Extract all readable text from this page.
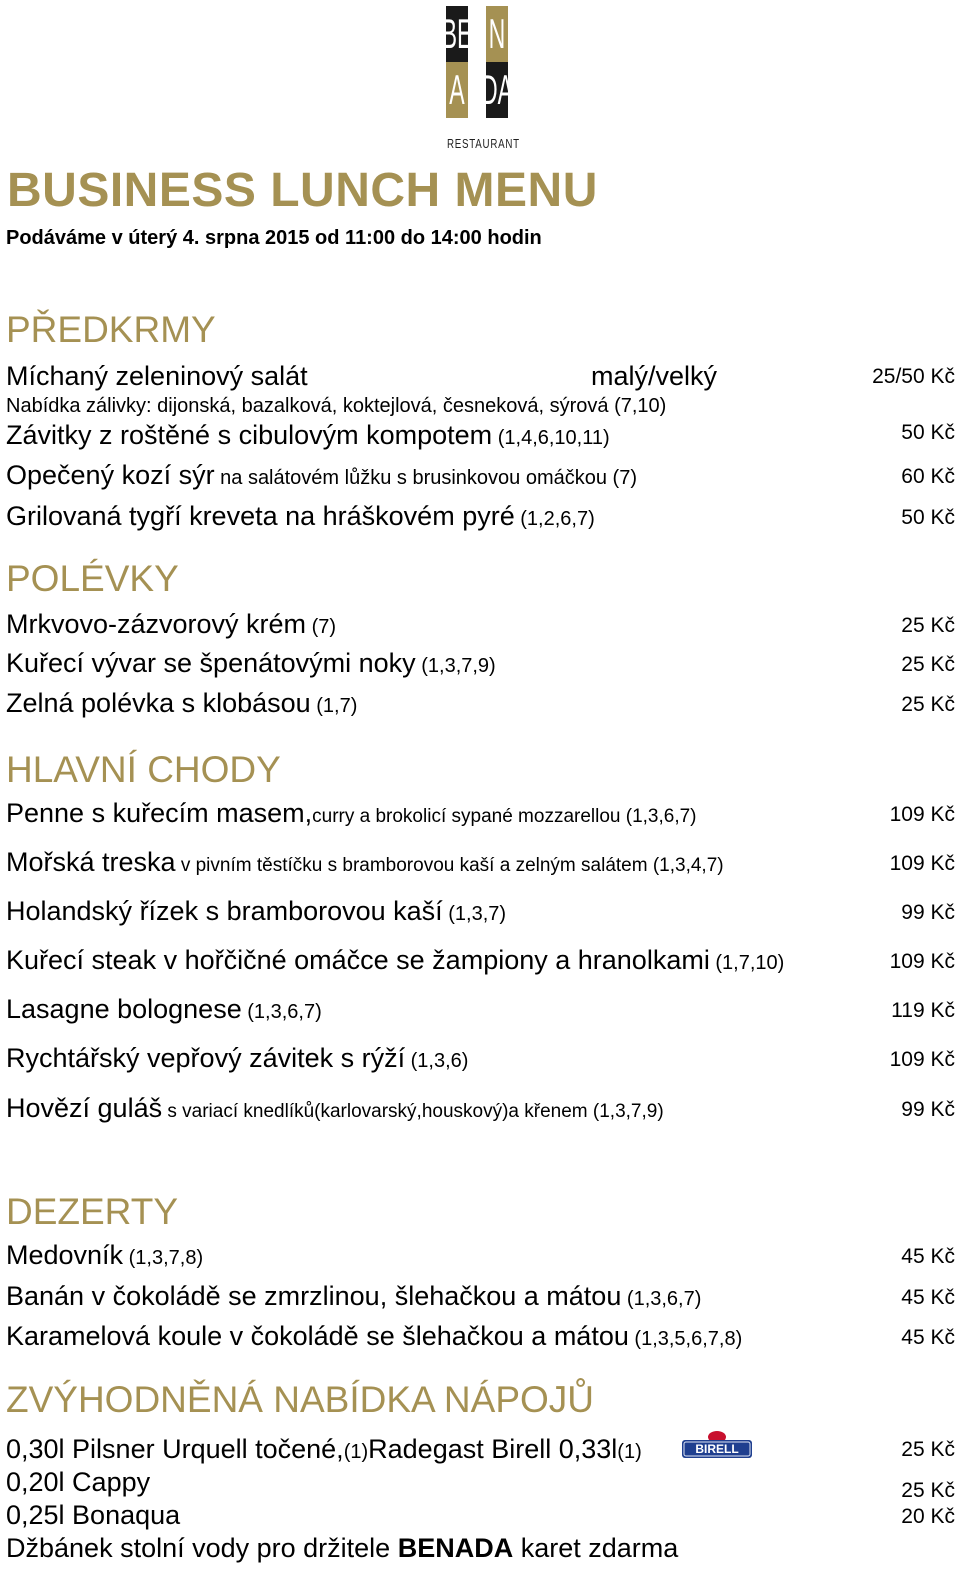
BE N
A DA
RESTAURANT
BUSINESS LUNCH MENU
Podáváme v úterý 4. srpna 2015 od 11:00 do 14:00 hodin
PŘEDKRMY
Míchaný zeleninový salát	malý/velký	25/50 Kč
Nabídka zálivky: dijonská, bazalková, koktejlová, česneková, sýrová (7,10)
Závitky z roštěné s cibulovým kompotem (1,4,6,10,11)	50 Kč
Opečený kozí sýr na salátovém lůžku s brusinkovou omáčkou (7)	60 Kč
Grilovaná tygří kreveta na hráškovém pyré (1,2,6,7)	50 Kč
POLÉVKY
Mrkvovo-zázvorový krém (7)	25 Kč
Kuřecí vývar se špenátovými noky (1,3,7,9)	25 Kč
Zelná polévka s klobásou (1,7)	25 Kč
HLAVNÍ CHODY
Penne s kuřecím masem,curry a brokolicí sypané mozzarellou (1,3,6,7)	109 Kč
Mořská treska v pivním těstíčku s bramborovou kaší a zelným salátem (1,3,4,7)	109 Kč
Holandský řízek s bramborovou kaší (1,3,7)	99 Kč
Kuřecí steak v hořčičné omáčce se žampiony a hranolkami (1,7,10)	109 Kč
Lasagne bolognese (1,3,6,7)	119 Kč
Rychtářský vepřový závitek s rýží (1,3,6)	109 Kč
Hovězí guláš s variací knedlíků(karlovarský,houskový)a křenem (1,3,7,9)	99 Kč
DEZERTY
Medovník (1,3,7,8)	45 Kč
Banán v čokoládě se zmrzlinou, šlehačkou a mátou (1,3,6,7)	45 Kč
Karamelová koule v čokoládě se šlehačkou a mátou (1,3,5,6,7,8)	45 Kč
ZVÝHODNĚNÁ NABÍDKA NÁPOJŮ
0,30l Pilsner Urquell točené,(1)Radegast Birell 0,33l(1)	BIRELL	25 Kč
0,20l Cappy	25 Kč
0,25l Bonaqua	20 Kč
Džbánek stolní vody pro držitele BENADA karet zdarma
